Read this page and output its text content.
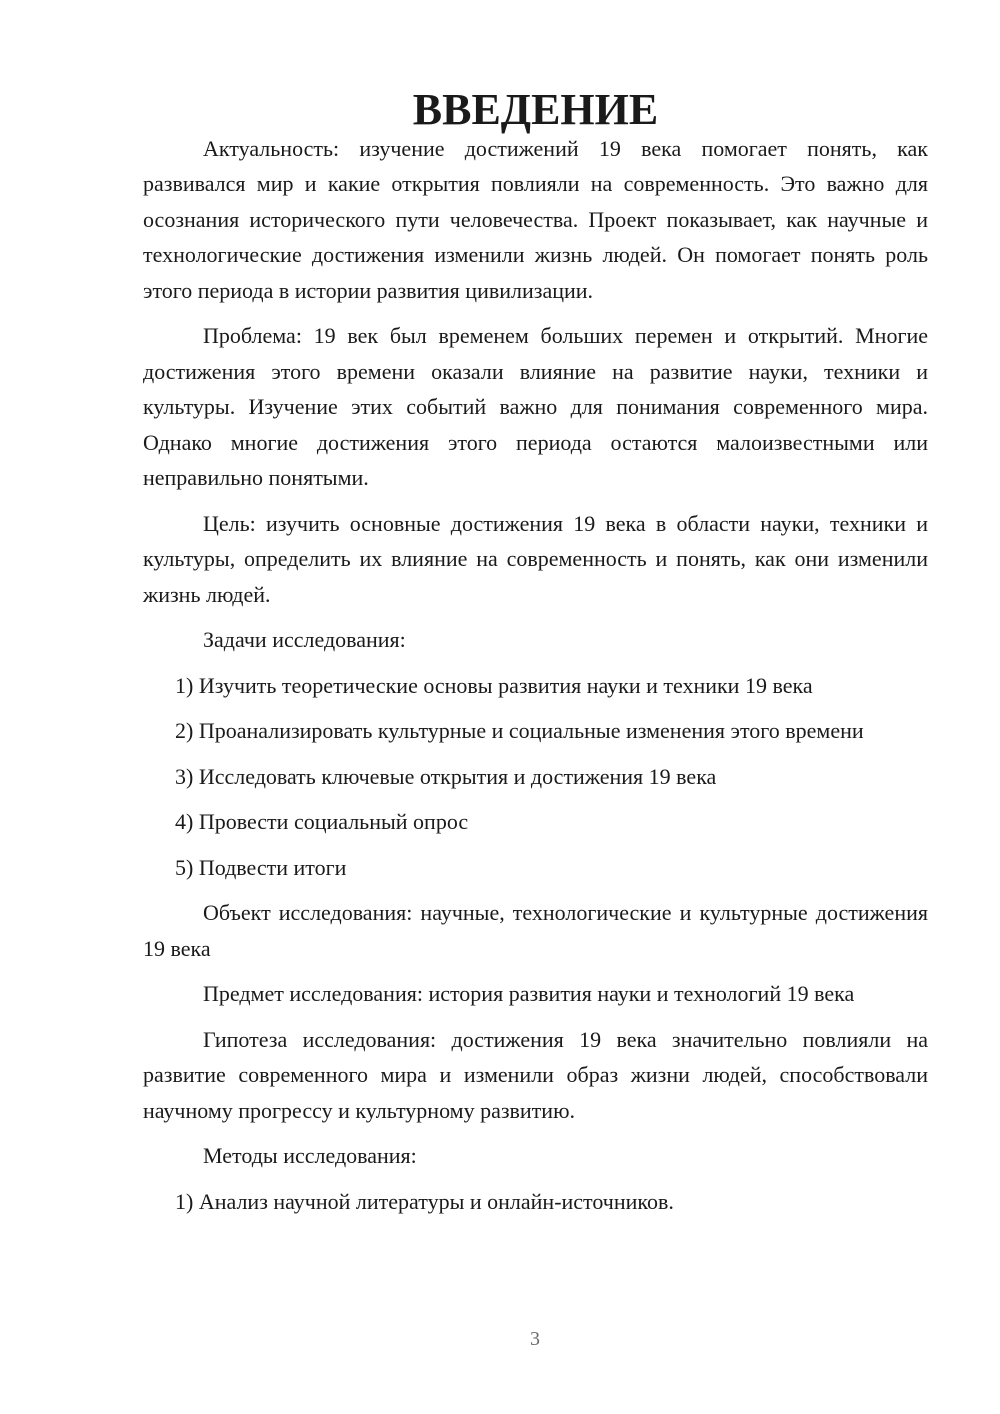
ВВЕДЕНИЕ

Актуальность: изучение достижений 19 века помогает понять, как развивался мир и какие открытия повлияли на современность. Это важно для осознания исторического пути человечества. Проект показывает, как научные и технологические достижения изменили жизнь людей. Он помогает понять роль этого периода в истории развития цивилизации.

Проблема: 19 век был временем больших перемен и открытий. Многие достижения этого времени оказали влияние на развитие науки, техники и культуры. Изучение этих событий важно для понимания современного мира. Однако многие достижения этого периода остаются малоизвестными или неправильно понятыми.

Цель: изучить основные достижения 19 века в области науки, техники и культуры, определить их влияние на современность и понять, как они изменили жизнь людей.

Задачи исследования:

1) Изучить теоретические основы развития науки и техники 19 века

2) Проанализировать культурные и социальные изменения этого времени

3) Исследовать ключевые открытия и достижения 19 века

4) Провести социальный опрос

5) Подвести итоги

Объект исследования: научные, технологические и культурные достижения 19 века

Предмет исследования: история развития науки и технологий 19 века

Гипотеза исследования: достижения 19 века значительно повлияли на развитие современного мира и изменили образ жизни людей, способствовали научному прогрессу и культурному развитию.

Методы исследования:

1) Анализ научной литературы и онлайн-источников.

3
